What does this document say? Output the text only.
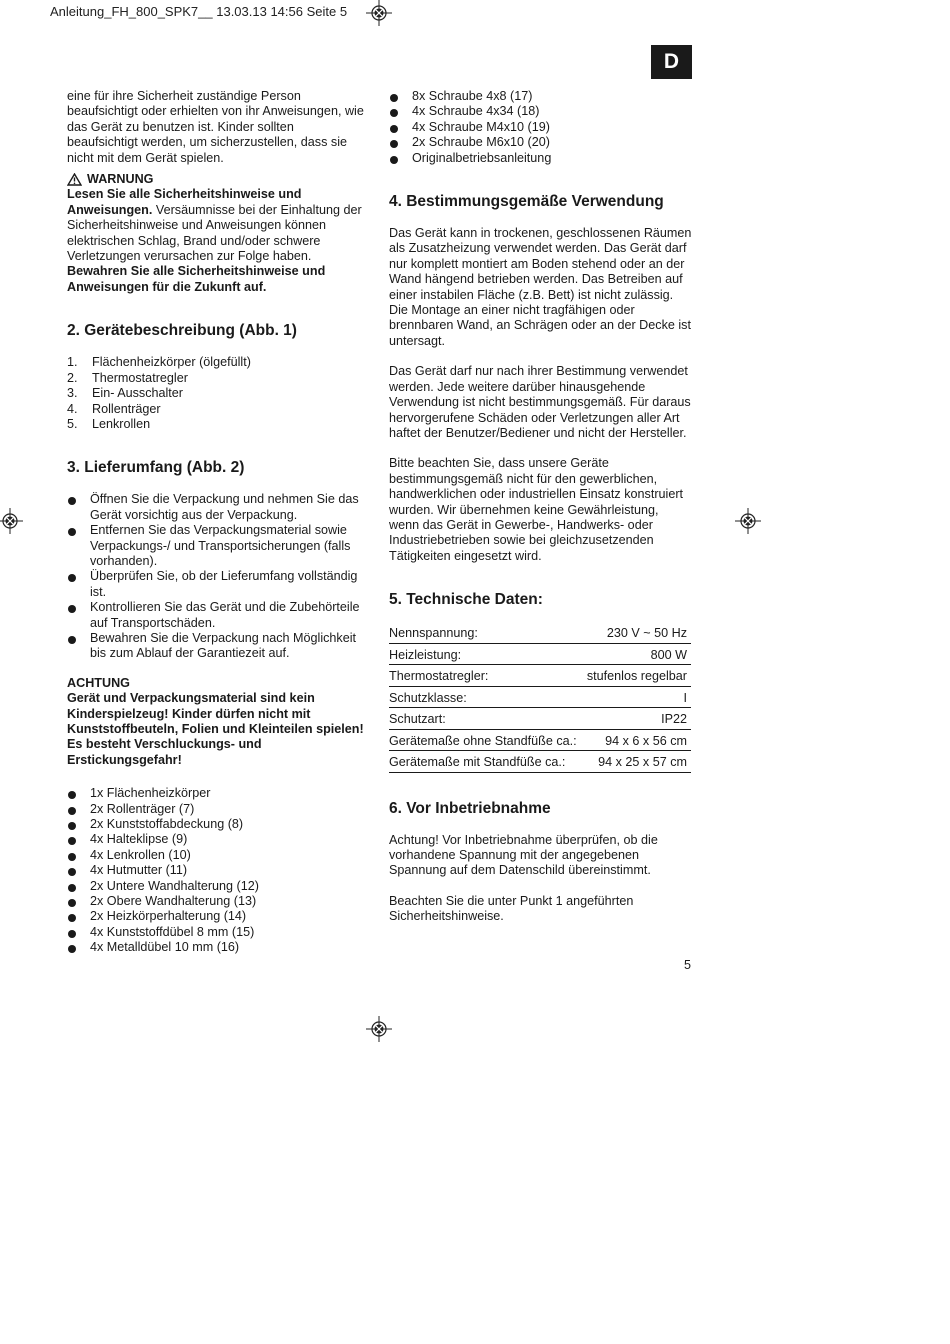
Anleitung_FH_800_SPK7__ 13.03.13 14:56 Seite 5
D

eine für ihre Sicherheit zuständige Person beaufsichtigt oder erhielten von ihr Anweisungen, wie das Gerät zu benutzen ist. Kinder sollten beaufsichtigt werden, um sicherzustellen, dass sie nicht mit dem Gerät spielen.

WARNUNG

Lesen Sie alle Sicherheitshinweise und Anweisungen. Versäumnisse bei der Einhaltung der Sicherheitshinweise und Anweisungen können elektrischen Schlag, Brand und/oder schwere Verletzungen verursachen zur Folge haben.

Bewahren Sie alle Sicherheitshinweise und Anweisungen für die Zukunft auf.

2. Gerätebeschreibung (Abb. 1)
1.	Flächenheizkörper (ölgefüllt)
2.	Thermostatregler
3.	Ein- Ausschalter
4.	Rollenträger
5.	Lenkrollen
3. Lieferumfang (Abb. 2)
Öffnen Sie die Verpackung und nehmen Sie das Gerät vorsichtig aus der Verpackung.
Entfernen Sie das Verpackungsmaterial sowie Verpackungs-/ und Transportsicherungen (falls vorhanden).
Überprüfen Sie, ob der Lieferumfang vollständig ist.
Kontrollieren Sie das Gerät und die Zubehörteile auf Transportschäden.
Bewahren Sie die Verpackung nach Möglichkeit bis zum Ablauf der Garantiezeit auf.

ACHTUNG

Gerät und Verpackungsmaterial sind kein Kinderspielzeug! Kinder dürfen nicht mit Kunststoffbeuteln, Folien und Kleinteilen spielen! Es besteht Verschluckungs- und Erstickungsgefahr!

1x Flächenheizkörper
2x Rollenträger (7)
2x Kunststoffabdeckung (8)
4x Halteklipse (9)
4x Lenkrollen (10)
4x Hutmutter (11)
2x Untere Wandhalterung (12)
2x Obere Wandhalterung (13)
2x Heizkörperhalterung (14)
4x Kunststoffdübel 8 mm (15)
4x Metalldübel 10 mm (16)
8x Schraube 4x8 (17)
4x Schraube 4x34 (18)
4x Schraube M4x10 (19)
2x Schraube M6x10 (20)
Originalbetriebsanleitung
4. Bestimmungsgemäße Verwendung

Das Gerät kann in trockenen, geschlossenen Räumen als Zusatzheizung verwendet werden. Das Gerät darf nur komplett montiert am Boden stehend oder an der Wand hängend betrieben werden. Das Betreiben auf einer instabilen Fläche (z.B. Bett) ist nicht zulässig. Die Montage an einer nicht tragfähigen oder brennbaren Wand, an Schrägen oder an der Decke ist untersagt.

Das Gerät darf nur nach ihrer Bestimmung verwendet werden. Jede weitere darüber hinausgehende Verwendung ist nicht bestimmungsgemäß. Für daraus hervorgerufene Schäden oder Verletzungen aller Art haftet der Benutzer/Bediener und nicht der Hersteller.

Bitte beachten Sie, dass unsere Geräte bestimmungsgemäß nicht für den gewerblichen, handwerklichen oder industriellen Einsatz konstruiert wurden. Wir übernehmen keine Gewährleistung, wenn das Gerät in Gewerbe-, Handwerks- oder Industriebetrieben sowie bei gleichzusetzenden Tätigkeiten eingesetzt wird.

5. Technische Daten:
Nennspannung:	230 V ~ 50 Hz
Heizleistung:	800 W
Thermostatregler:	stufenlos regelbar
Schutzklasse:	I
Schutzart:	IP22
Gerätemaße ohne Standfüße ca.:	94 x 6 x 56 cm
Gerätemaße mit Standfüße ca.:	94 x 25 x 57 cm
6. Vor Inbetriebnahme

Achtung! Vor Inbetriebnahme überprüfen, ob die vorhandene Spannung mit der angegebenen Spannung auf dem Datenschild übereinstimmt.

Beachten Sie die unter Punkt 1 angeführten Sicherheitshinweise.

5
